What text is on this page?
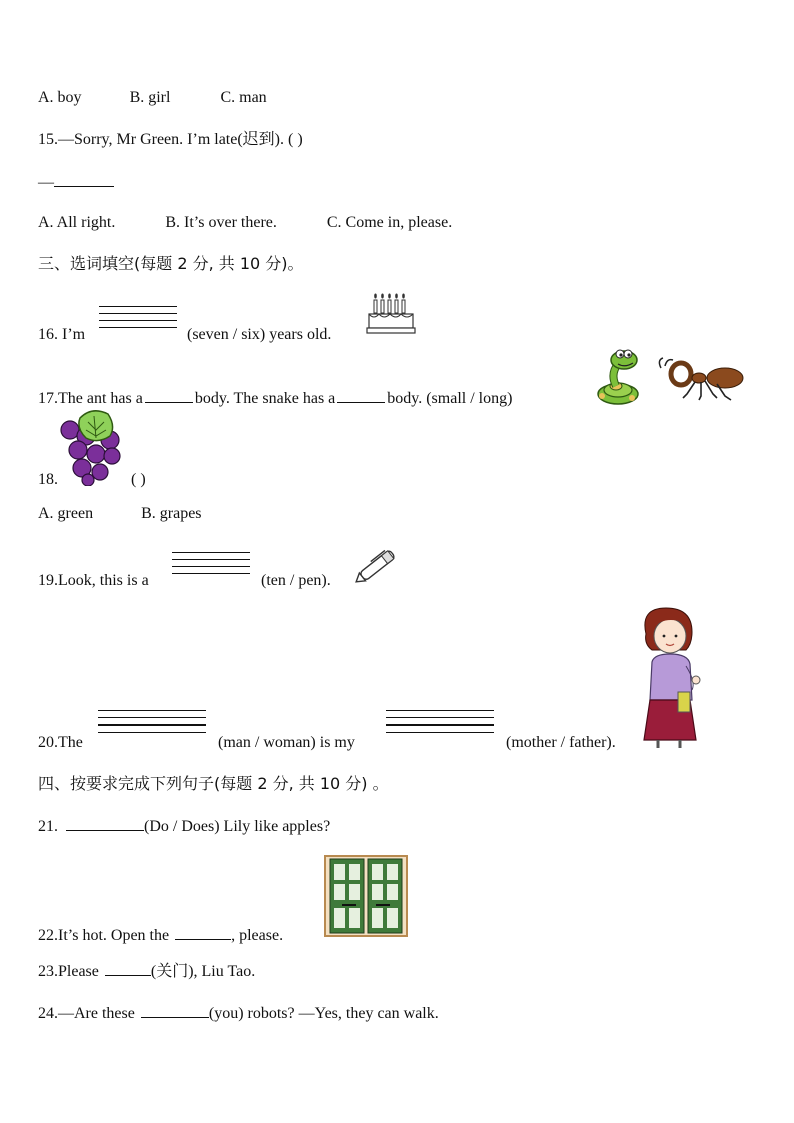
A. boy	B. girl	C. man
15.—Sorry, Mr Green. I’m late(迟到). ( )
—
A. All right.	B. It’s over there.	C. Come in, please.
三、选词填空(每题 2 分, 共 10 分)。
16. I’m	(seven / six) years old.
17.The ant has a	body. The snake has a	body. (small / long)
18.	( )
A. green	B. grapes
19.Look, this is a	(ten / pen).
20.The	(man / woman) is my	(mother / father).
四、按要求完成下列句子(每题 2 分, 共 10 分) 。
21.	(Do / Does) Lily like apples?
22.It’s hot. Open the	, please.
23.Please	(关门), Liu Tao.
24.—Are these	(you) robots? —Yes, they can walk.
